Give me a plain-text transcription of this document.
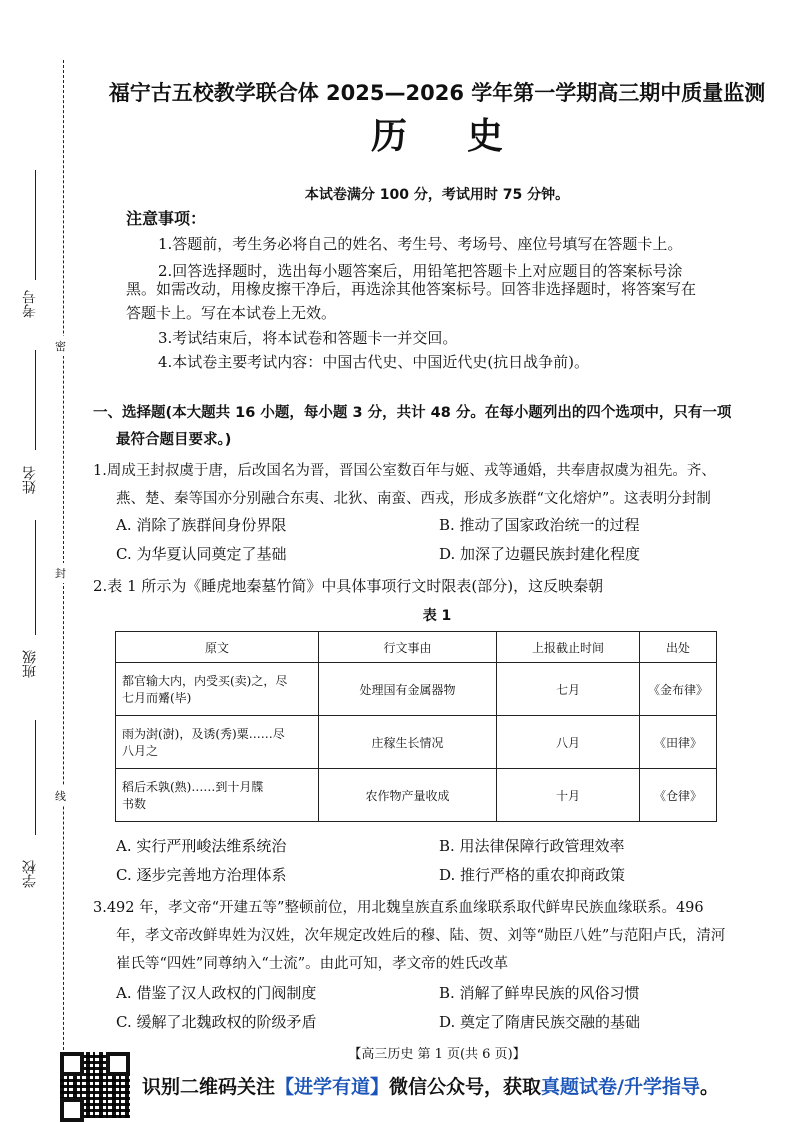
考号
姓名
班级
学校
密
封
线
福宁古五校教学联合体 2025—2026 学年第一学期高三期中质量监测
历史
本试卷满分 100 分，考试用时 75 分钟。
注意事项：
1.答题前，考生务必将自己的姓名、考生号、考场号、座位号填写在答题卡上。
2.回答选择题时，选出每小题答案后，用铅笔把答题卡上对应题目的答案标号涂
黑。如需改动，用橡皮擦干净后，再选涂其他答案标号。回答非选择题时，将答案写在
答题卡上。写在本试卷上无效。
3.考试结束后，将本试卷和答题卡一并交回。
4.本试卷主要考试内容：中国古代史、中国近代史(抗日战争前)。
一、选择题(本大题共 16 小题，每小题 3 分，共计 48 分。在每小题列出的四个选项中，只有一项
最符合题目要求。)
1.周成王封叔虞于唐，后改国名为晋，晋国公室数百年与姬、戎等通婚，共奉唐叔虞为祖先。齐、
燕、楚、秦等国亦分别融合东夷、北狄、南蛮、西戎，形成多族群“文化熔炉”。这表明分封制
A. 消除了族群间身份界限	B. 推动了国家政治统一的过程
C. 为华夏认同奠定了基础	D. 加深了边疆民族封建化程度
2.表 1 所示为《睡虎地秦墓竹简》中具体事项行文时限表(部分)，这反映秦朝
表 1
原文	行文事由	上报截止时间	出处
都官输大内，内受买(卖)之，尽
七月而觱(毕)	处理国有金属器物	七月	《金布律》
雨为湗(澍)，及诱(秀)粟……尽
八月之	庄稼生长情况	八月	《田律》
稻后禾孰(熟)……到十月牒
书数	农作物产量收成	十月	《仓律》
A. 实行严刑峻法维系统治	B. 用法律保障行政管理效率
C. 逐步完善地方治理体系	D. 推行严格的重农抑商政策
3.492 年，孝文帝“开建五等”整顿前位，用北魏皇族直系血缘联系取代鲜卑民族血缘联系。496
年，孝文帝改鲜卑姓为汉姓，次年规定改姓后的穆、陆、贺、刘等“勋臣八姓”与范阳卢氏，清河
崔氏等“四姓”同尊纳入“士流”。由此可知，孝文帝的姓氏改革
A. 借鉴了汉人政权的门阀制度	B. 消解了鲜卑民族的风俗习惯
C. 缓解了北魏政权的阶级矛盾	D. 奠定了隋唐民族交融的基础
【高三历史 第 1 页(共 6 页)】
识别二维码关注【进学有道】微信公众号，获取真题试卷/升学指导。
